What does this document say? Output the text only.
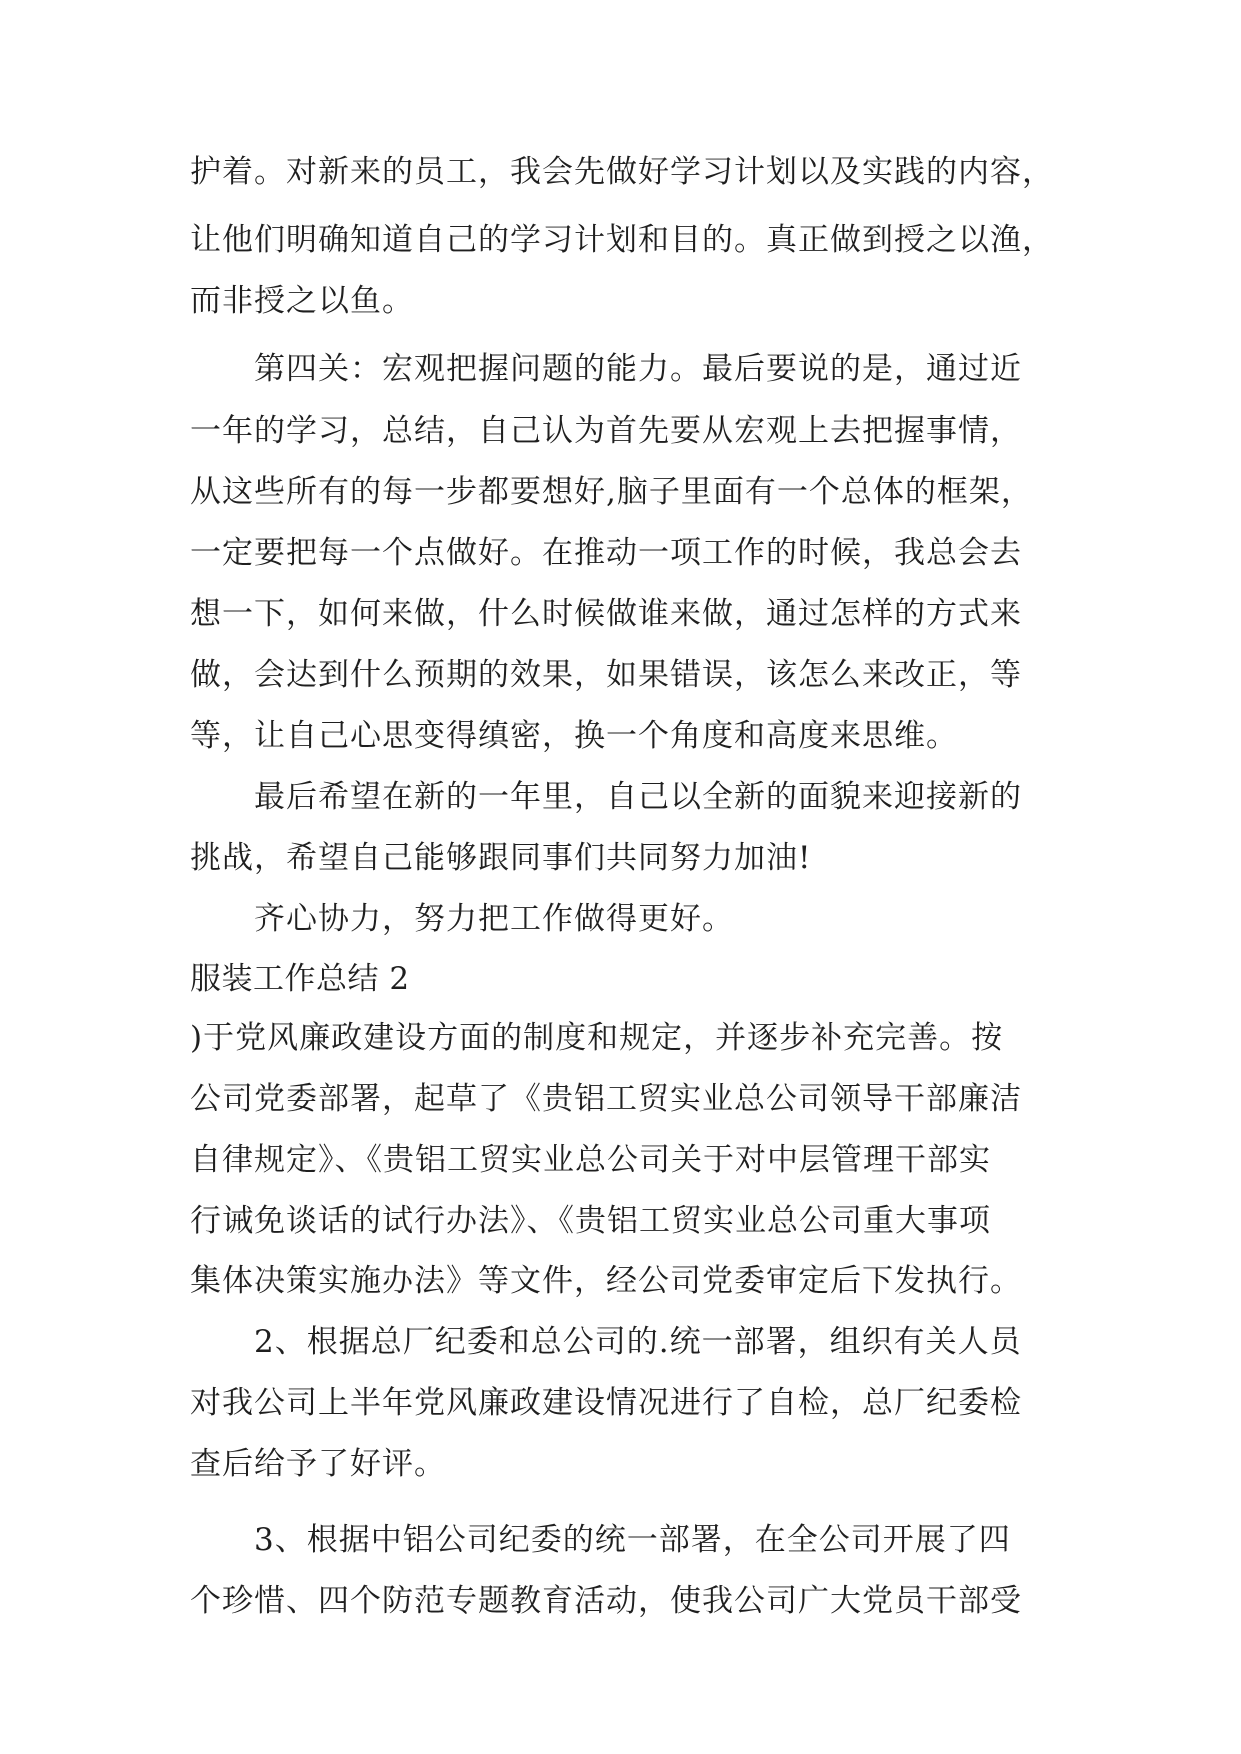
护着。对新来的员工，我会先做好学习计划以及实践的内容，
让他们明确知道自己的学习计划和目的。真正做到授之以渔，
而非授之以鱼。
第四关：宏观把握问题的能力。最后要说的是，通过近
一年的学习，总结，自己认为首先要从宏观上去把握事情，
从这些所有的每一步都要想好,脑子里面有一个总体的框架，
一定要把每一个点做好。在推动一项工作的时候，我总会去
想一下，如何来做，什么时候做谁来做，通过怎样的方式来
做，会达到什么预期的效果，如果错误，该怎么来改正，等
等，让自己心思变得缜密，换一个角度和高度来思维。
最后希望在新的一年里，自己以全新的面貌来迎接新的
挑战，希望自己能够跟同事们共同努力加油!
齐心协力，努力把工作做得更好。
服装工作总结 2
)于党风廉政建设方面的制度和规定，并逐步补充完善。按
公司党委部署，起草了《贵铝工贸实业总公司领导干部廉洁
自律规定》、《贵铝工贸实业总公司关于对中层管理干部实
行诫免谈话的试行办法》、《贵铝工贸实业总公司重大事项
集体决策实施办法》等文件，经公司党委审定后下发执行。
2、根据总厂纪委和总公司的.统一部署，组织有关人员
对我公司上半年党风廉政建设情况进行了自检，总厂纪委检
查后给予了好评。
3、根据中铝公司纪委的统一部署，在全公司开展了四
个珍惜、四个防范专题教育活动，使我公司广大党员干部受
